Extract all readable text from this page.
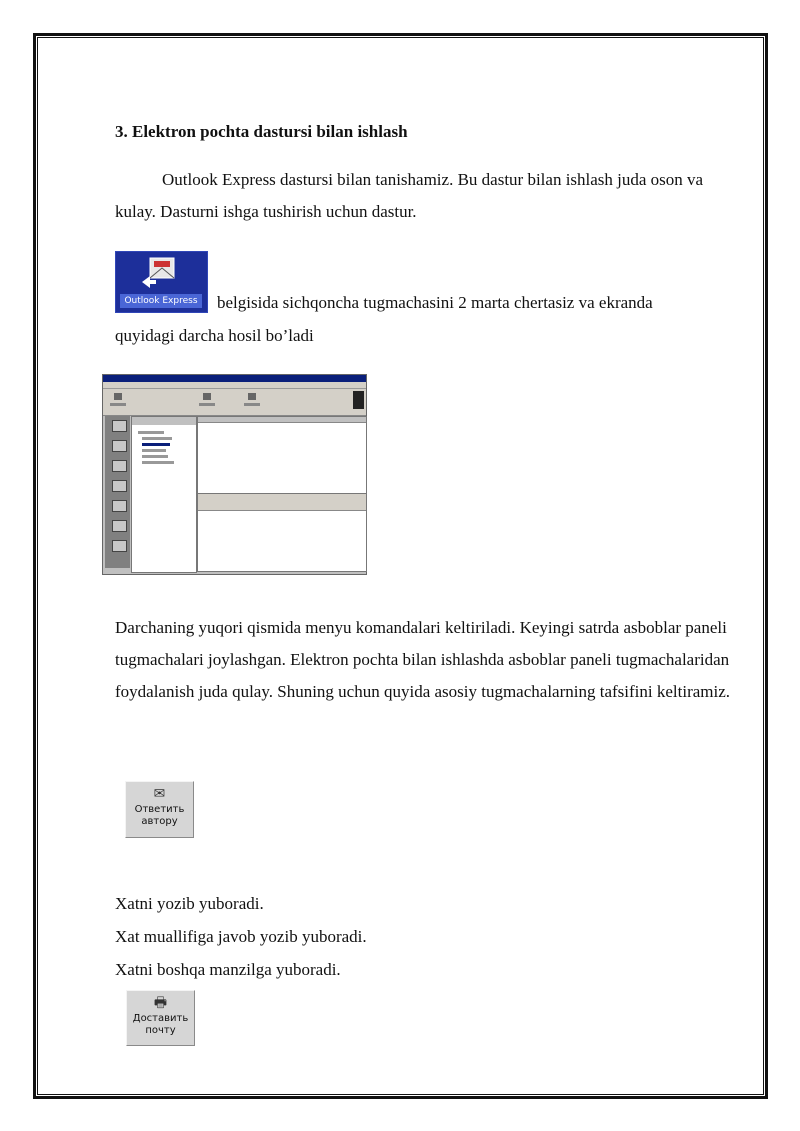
3. Elektron pochta dastursi bilan ishlash
Outlook Express dastursi bilan tanishamiz. Bu dastur bilan ishlash juda oson va kulay. Dasturni ishga tushirish uchun dastur.
Outlook Express belgisida sichqoncha tugmachasini 2 marta chertasiz va ekranda
quyidagi darcha hosil bo’ladi
Darchaning yuqori qismida menyu komandalari keltiriladi. Keyingi satrda asboblar paneli tugmachalari joylashgan. Elektron pochta bilan ishlashda asboblar paneli tugmachalaridan foydalanish juda qulay. Shuning uchun quyida asosiy tugmachalarning tafsifini keltiramiz.
✉
Ответить
автору
Xatni yozib yuboradi.
Xat muallifiga javob yozib yuboradi.
Xatni boshqa manzilga yuboradi.
🖶
Доставить
почту
